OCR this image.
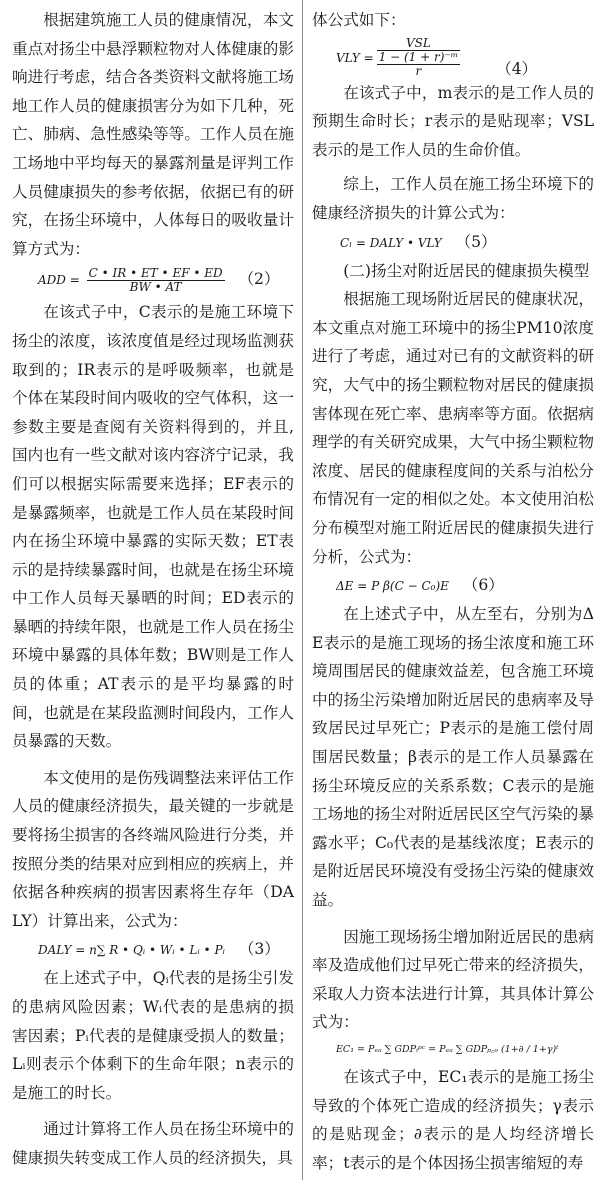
根据建筑施工人员的健康情况，本文重点对扬尘中悬浮颗粒物对人体健康的影响进行考虑，结合各类资料文献将施工场地工作人员的健康损害分为如下几种，死亡、肺病、急性感染等等。工作人员在施工场地中平均每天的暴露剂量是评判工作人员健康损失的参考依据，依据已有的研究，在扬尘环境中，人体每日的吸收量计算方式为：

ADD = $\frac{C • IR • ET • EF • ED}{BW • AT} (2)$

在该式子中，C表示的是施工环境下扬尘的浓度，该浓度值是经过现场监测获取到的；IR表示的是呼吸频率，也就是个体在某段时间内吸收的空气体积，这一参数主要是查阅有关资料得到的，并且,国内也有一些文献对该内容济宁记录，我们可以根据实际需要来选择；EF表示的是暴露频率，也就是工作人员在某段时间内在扬尘环境中暴露的实际天数；ET表示的是持续暴露时间，也就是在扬尘环境中工作人员每天暴晒的时间；ED表示的暴晒的持续年限，也就是工作人员在扬尘环境中暴露的具体年数；BW则是工作人员的体重；AT表示的是平均暴露的时间，也就是在某段监测时间段内，工作人员暴露的天数。

本文使用的是伤残调整法来评估工作人员的健康经济损失，最关键的一步就是要将扬尘损害的各终端风险进行分类，并按照分类的结果对应到相应的疾病上，并依据各种疾病的损害因素将生存年（DALY）计算出来，公式为：

DALY = n∑ R • Qᵢ • Wᵢ • Lᵢ • Pᵢ （3）

在上述式子中，Qᵢ代表的是扬尘引发的患病风险因素；Wᵢ代表的是患病的损害因素；Pᵢ代表的是健康受损人的数量；Lᵢ则表示个体剩下的生命年限；n表示的是施工的时长。

通过计算将工作人员在扬尘环境中的健康损失转变成工作人员的经济损失，具

体公式如下：

VLY =
VSL
1 − (1 + r)⁻ᵐ
r	（4）

在该式子中，m表示的是工作人员的预期生命时长；r表示的是贴现率；VSL表示的是工作人员的生命价值。

综上，工作人员在施工扬尘环境下的健康经济损失的计算公式为：

Cₗ = DALY • VLY （5）
(二)扬尘对附近居民的健康损失模型

根据施工现场附近居民的健康状况，本文重点对施工环境中的扬尘PM10浓度进行了考虑，通过对已有的文献资料的研究，大气中的扬尘颗粒物对居民的健康损害体现在死亡率、患病率等方面。依据病理学的有关研究成果，大气中扬尘颗粒物浓度、居民的健康程度间的关系与泊松分布情况有一定的相似之处。本文使用泊松分布模型对施工附近居民的健康损失进行分析，公式为：

ΔE = P β(C − C₀)E （6）

在上述式子中，从左至右，分别为ΔE表示的是施工现场的扬尘浓度和施工环境周围居民的健康效益差，包含施工环境中的扬尘污染增加附近居民的患病率及导致居民过早死亡；P表示的是施工偿付周围居民数量；β表示的是工作人员暴露在扬尘环境反应的关系系数；C表示的是施工场地的扬尘对附近居民区空气污染的暴露水平；C₀代表的是基线浓度；E表示的是附近居民环境没有受扬尘污染的健康效益。

因施工现场扬尘增加附近居民的患病率及造成他们过早死亡带来的经济损失，采取人力资本法进行计算，其具体计算公式为：

EC₁ = Pₑₐ ∑ GDPᵢᵖᶜ = Pₑₐ ∑ GDPₚ꜀ₒ (1+∂ / 1+γ)ᵗ

在该式子中，EC₁表示的是施工扬尘导致的个体死亡造成的经济损失；γ表示的是贴现金；∂表示的是人均经济增长率；t表示的是个体因扬尘损害缩短的寿
